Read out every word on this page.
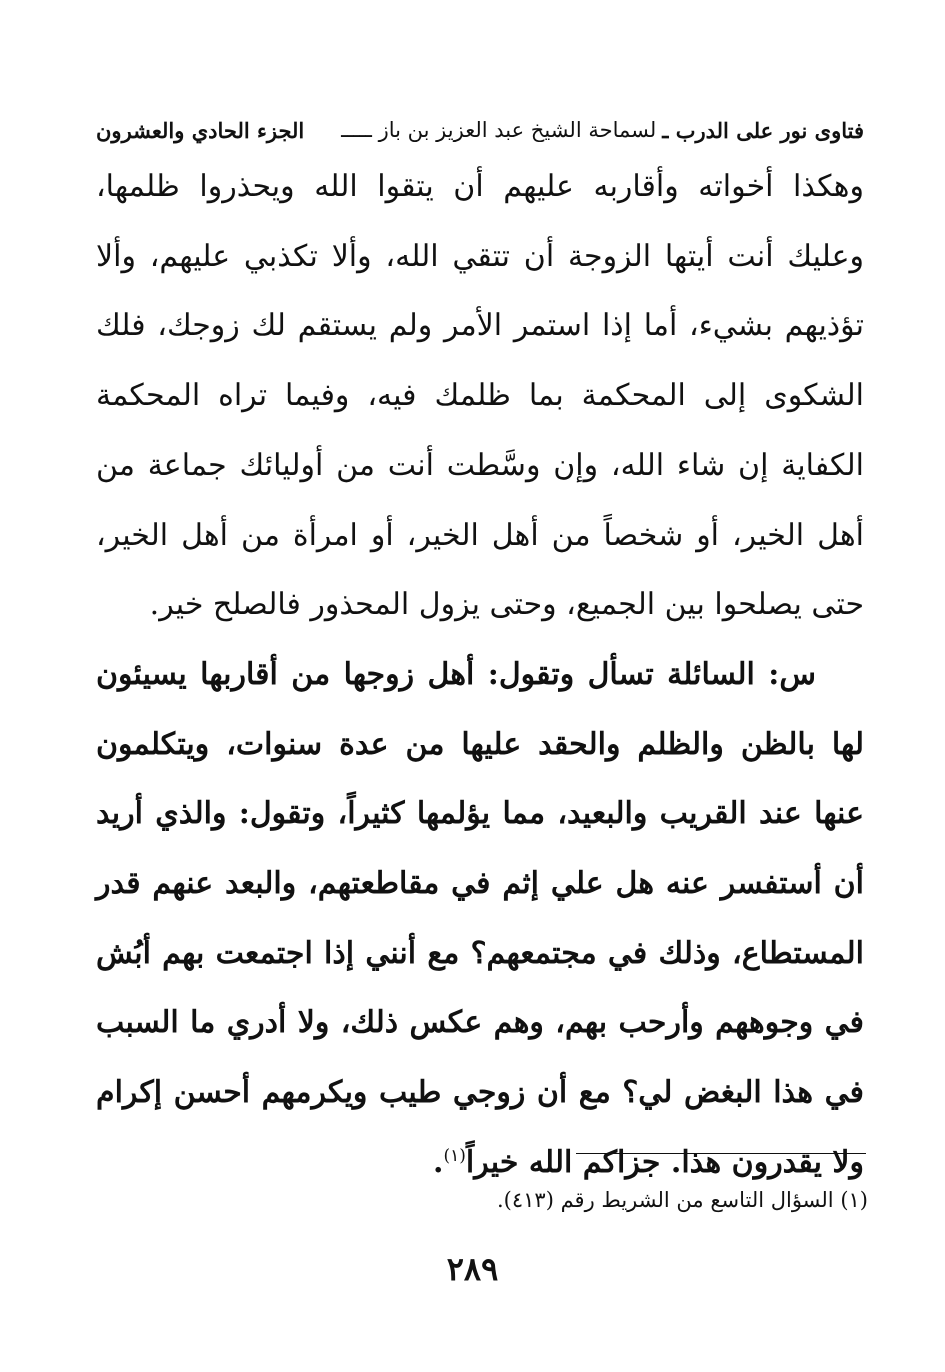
فتاوى نور على الدرب ـ
لسماحة الشيخ عبد العزيز بن باز ـــــ
الجزء الحادي والعشرون

وهكذا أخواته وأقاربه عليهم أن يتقوا الله ويحذروا ظلمها، وعليك أنت أيتها الزوجة أن تتقي الله، وألا تكذبي عليهم، وألا تؤذيهم بشيء، أما إذا استمر الأمر ولم يستقم لك زوجك، فلك الشكوى إلى المحكمة بما ظلمك فيه، وفيما تراه المحكمة الكفاية إن شاء الله، وإن وسَّطت أنت من أوليائك جماعة من أهل الخير، أو شخصاً من أهل الخير، أو امرأة من أهل الخير، حتى يصلحوا بين الجميع، وحتى يزول المحذور فالصلح خير.

س: السائلة تسأل وتقول: أهل زوجها من أقاربها يسيئون لها بالظن والظلم والحقد عليها من عدة سنوات، ويتكلمون عنها عند القريب والبعيد، مما يؤلمها كثيراً، وتقول: والذي أريد أن أستفسر عنه هل علي إثم في مقاطعتهم، والبعد عنهم قدر المستطاع، وذلك في مجتمعهم؟ مع أنني إذا اجتمعت بهم أبُش في وجوههم وأرحب بهم، وهم عكس ذلك، ولا أدري ما السبب في هذا البغض لي؟ مع أن زوجي طيب ويكرمهم أحسن إكرام ولا يقدرون هذا. جزاكم الله خيراً$^{(١)}$.

(١) السؤال التاسع من الشريط رقم (٤١٣).
٢٨٩
